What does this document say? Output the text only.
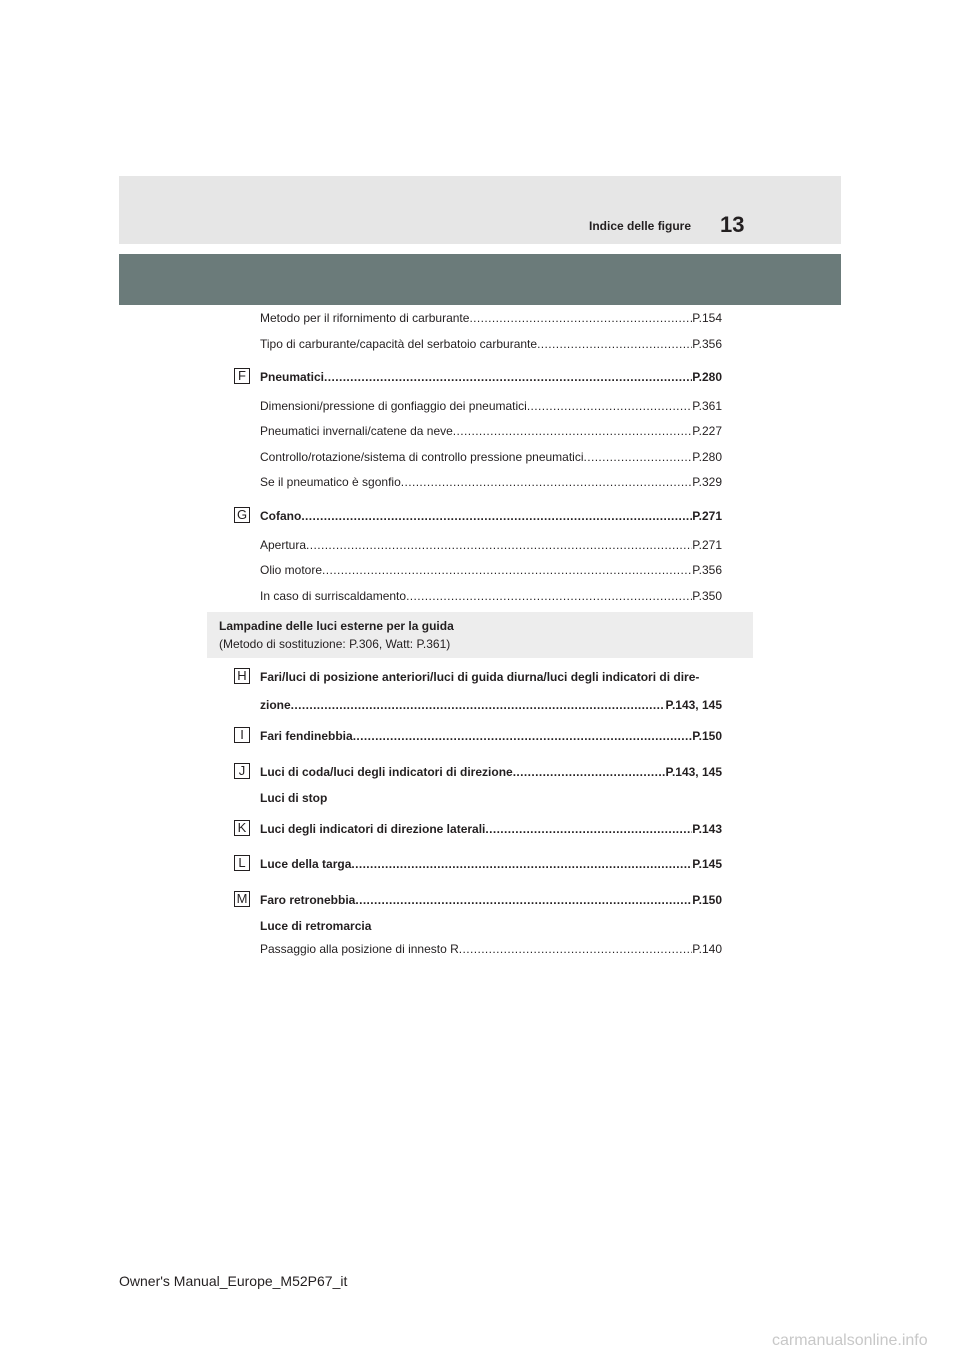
Indice delle figure 13
Metodo per il rifornimento di carburante .....	P.154
Tipo di carburante/capacità del serbatoio carburante .....	P.356
F	Pneumatici .....	P.280
Dimensioni/pressione di gonfiaggio dei pneumatici .....	P.361
Pneumatici invernali/catene da neve .....	P.227
Controllo/rotazione/sistema di controllo pressione pneumatici .....	P.280
Se il pneumatico è sgonfio .....	P.329
G Cofano .....	P.271
Apertura .....	P.271
Olio motore .....	P.356
In caso di surriscaldamento .....	P.350
Lampadine delle luci esterne per la guida
(Metodo di sostituzione: P.306, Watt: P.361)
H Fari/luci di posizione anteriori/luci di guida diurna/luci degli indicatori di dire-
zione .....	P.143, 145
I	Fari fendinebbia .....	P.150
J	Luci di coda/luci degli indicatori di direzione .....	P.143, 145
Luci di stop
K	Luci degli indicatori di direzione laterali .....	P.143
L	Luce della targa .....	P.145
M Faro retronebbia .....	P.150
Luce di retromarcia
Passaggio alla posizione di innesto R .....	P.140
Owner's Manual_Europe_M52P67_it
carmanualsonline.info
